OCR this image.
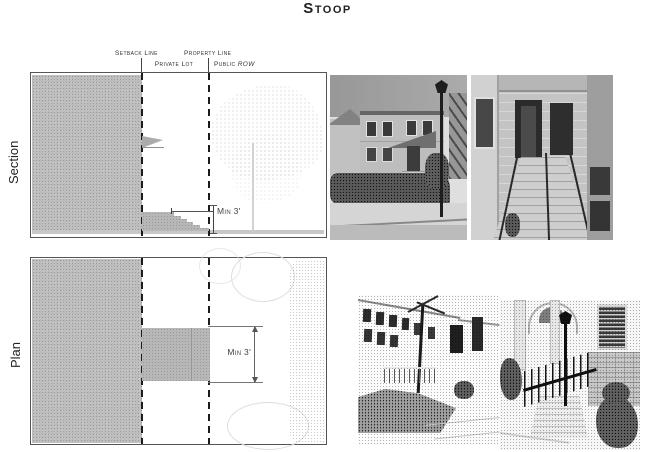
Stoop
Setback Line	Property Line
Private Lot	Public ROW
Section
Plan
Min 3'
Min 3'
